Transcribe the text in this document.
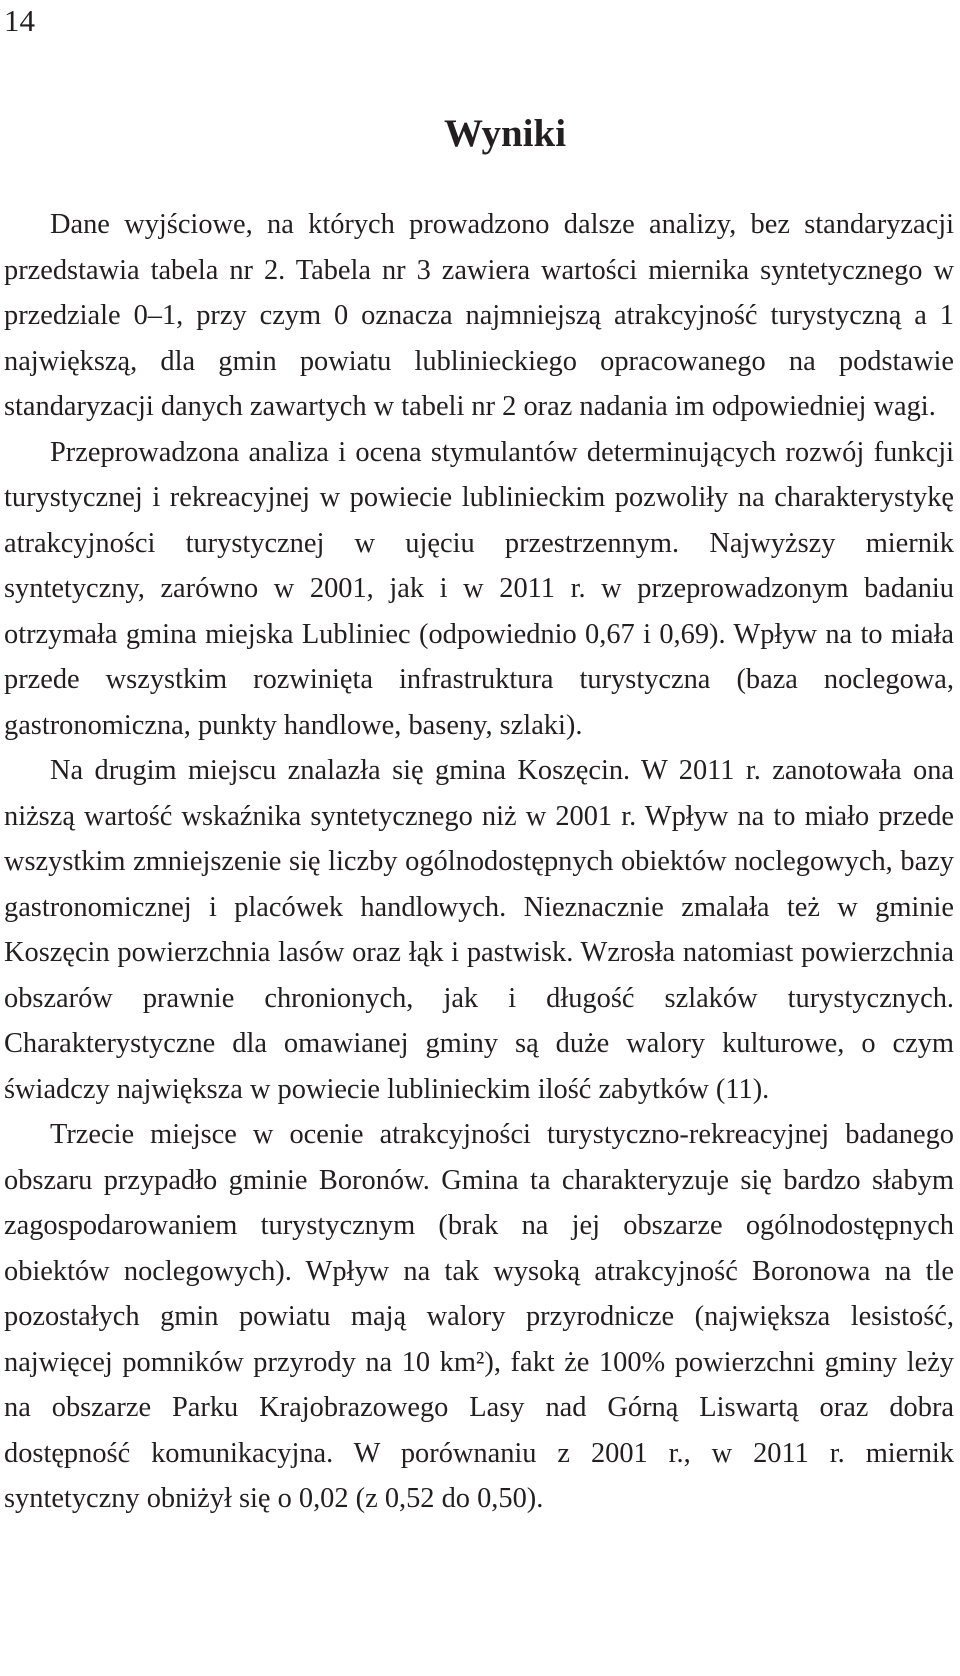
14
Wyniki

Dane wyjściowe, na których prowadzono dalsze analizy, bez standaryzacji przedstawia tabela nr 2. Tabela nr 3 zawiera wartości miernika syntetycznego w przedziale 0–1, przy czym 0 oznacza najmniejszą atrakcyjność turystyczną a 1 największą, dla gmin powiatu lublinieckiego opracowanego na podstawie standaryzacji danych zawartych w tabeli nr 2 oraz nadania im odpowiedniej wagi.

Przeprowadzona analiza i ocena stymulantów determinujących rozwój funkcji turystycznej i rekreacyjnej w powiecie lublinieckim pozwoliły na charakterystykę atrakcyjności turystycznej w ujęciu przestrzennym. Najwyższy miernik syntetyczny, zarówno w 2001, jak i w 2011 r. w przeprowadzonym badaniu otrzymała gmina miejska Lubliniec (odpowiednio 0,67 i 0,69). Wpływ na to miała przede wszystkim rozwinięta infrastruktura turystyczna (baza noclegowa, gastronomiczna, punkty handlowe, baseny, szlaki).

Na drugim miejscu znalazła się gmina Koszęcin. W 2011 r. zanotowała ona niższą wartość wskaźnika syntetycznego niż w 2001 r. Wpływ na to miało przede wszystkim zmniejszenie się liczby ogólnodostępnych obiektów noclegowych, bazy gastronomicznej i placówek handlowych. Nieznacznie zmalała też w gminie Koszęcin powierzchnia lasów oraz łąk i pastwisk. Wzrosła natomiast powierzchnia obszarów prawnie chronionych, jak i długość szlaków turystycznych. Charakterystyczne dla omawianej gminy są duże walory kulturowe, o czym świadczy największa w powiecie lublinieckim ilość zabytków (11).

Trzecie miejsce w ocenie atrakcyjności turystyczno-rekreacyjnej badanego obszaru przypadło gminie Boronów. Gmina ta charakteryzuje się bardzo słabym zagospodarowaniem turystycznym (brak na jej obszarze ogólnodostępnych obiektów noclegowych). Wpływ na tak wysoką atrakcyjność Boronowa na tle pozostałych gmin powiatu mają walory przyrodnicze (największa lesistość, najwięcej pomników przyrody na 10 km²), fakt że 100% powierzchni gminy leży na obszarze Parku Krajobrazowego Lasy nad Górną Liswartą oraz dobra dostępność komunikacyjna. W porównaniu z 2001 r., w 2011 r. miernik syntetyczny obniżył się o 0,02 (z 0,52 do 0,50).
